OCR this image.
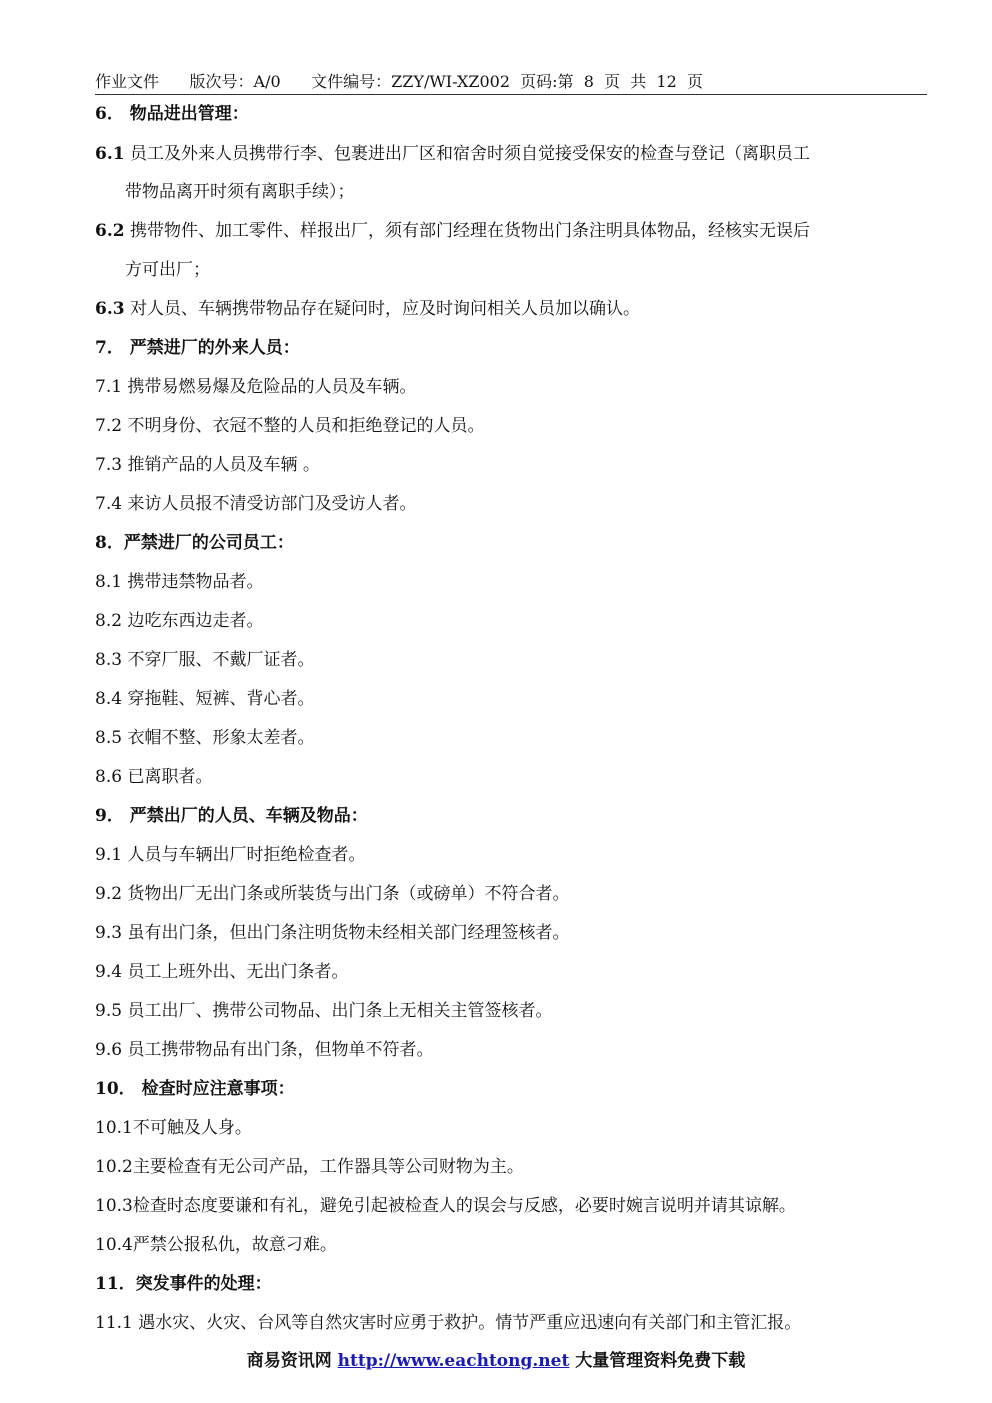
作业文件      版次号：A/0      文件编号：ZZY/WI-XZ002  页码:第  8  页  共  12  页
6． 物品进出管理：
6.1 员工及外来人员携带行李、包裹进出厂区和宿舍时须自觉接受保安的检查与登记（离职员工
带物品离开时须有离职手续）；
6.2 携带物件、加工零件、样报出厂，须有部门经理在货物出门条注明具体物品，经核实无误后
方可出厂；
6.3 对人员、车辆携带物品存在疑问时，应及时询问相关人员加以确认。
7． 严禁进厂的外来人员：
7.1 携带易燃易爆及危险品的人员及车辆。
7.2 不明身份、衣冠不整的人员和拒绝登记的人员。
7.3 推销产品的人员及车辆 。
7.4 来访人员报不清受访部门及受访人者。
8．严禁进厂的公司员工：
8.1 携带违禁物品者。
8.2 边吃东西边走者。
8.3 不穿厂服、不戴厂证者。
8.4 穿拖鞋、短裤、背心者。
8.5 衣帽不整、形象太差者。
8.6 已离职者。
9． 严禁出厂的人员、车辆及物品：
9.1 人员与车辆出厂时拒绝检查者。
9.2 货物出厂无出门条或所装货与出门条（或磅单）不符合者。
9.3 虽有出门条，但出门条注明货物未经相关部门经理签核者。
9.4 员工上班外出、无出门条者。
9.5 员工出厂、携带公司物品、出门条上无相关主管签核者。
9.6 员工携带物品有出门条，但物单不符者。
10． 检查时应注意事项：
10.1不可触及人身。
10.2主要检查有无公司产品，工作器具等公司财物为主。
10.3检查时态度要谦和有礼，避免引起被检查人的误会与反感，必要时婉言说明并请其谅解。
10.4严禁公报私仇，故意刁难。
11．突发事件的处理：
11.1 遇水灾、火灾、台风等自然灾害时应勇于救护。情节严重应迅速向有关部门和主管汇报。
商易资讯网 http://www.eachtong.net 大量管理资料免费下载
